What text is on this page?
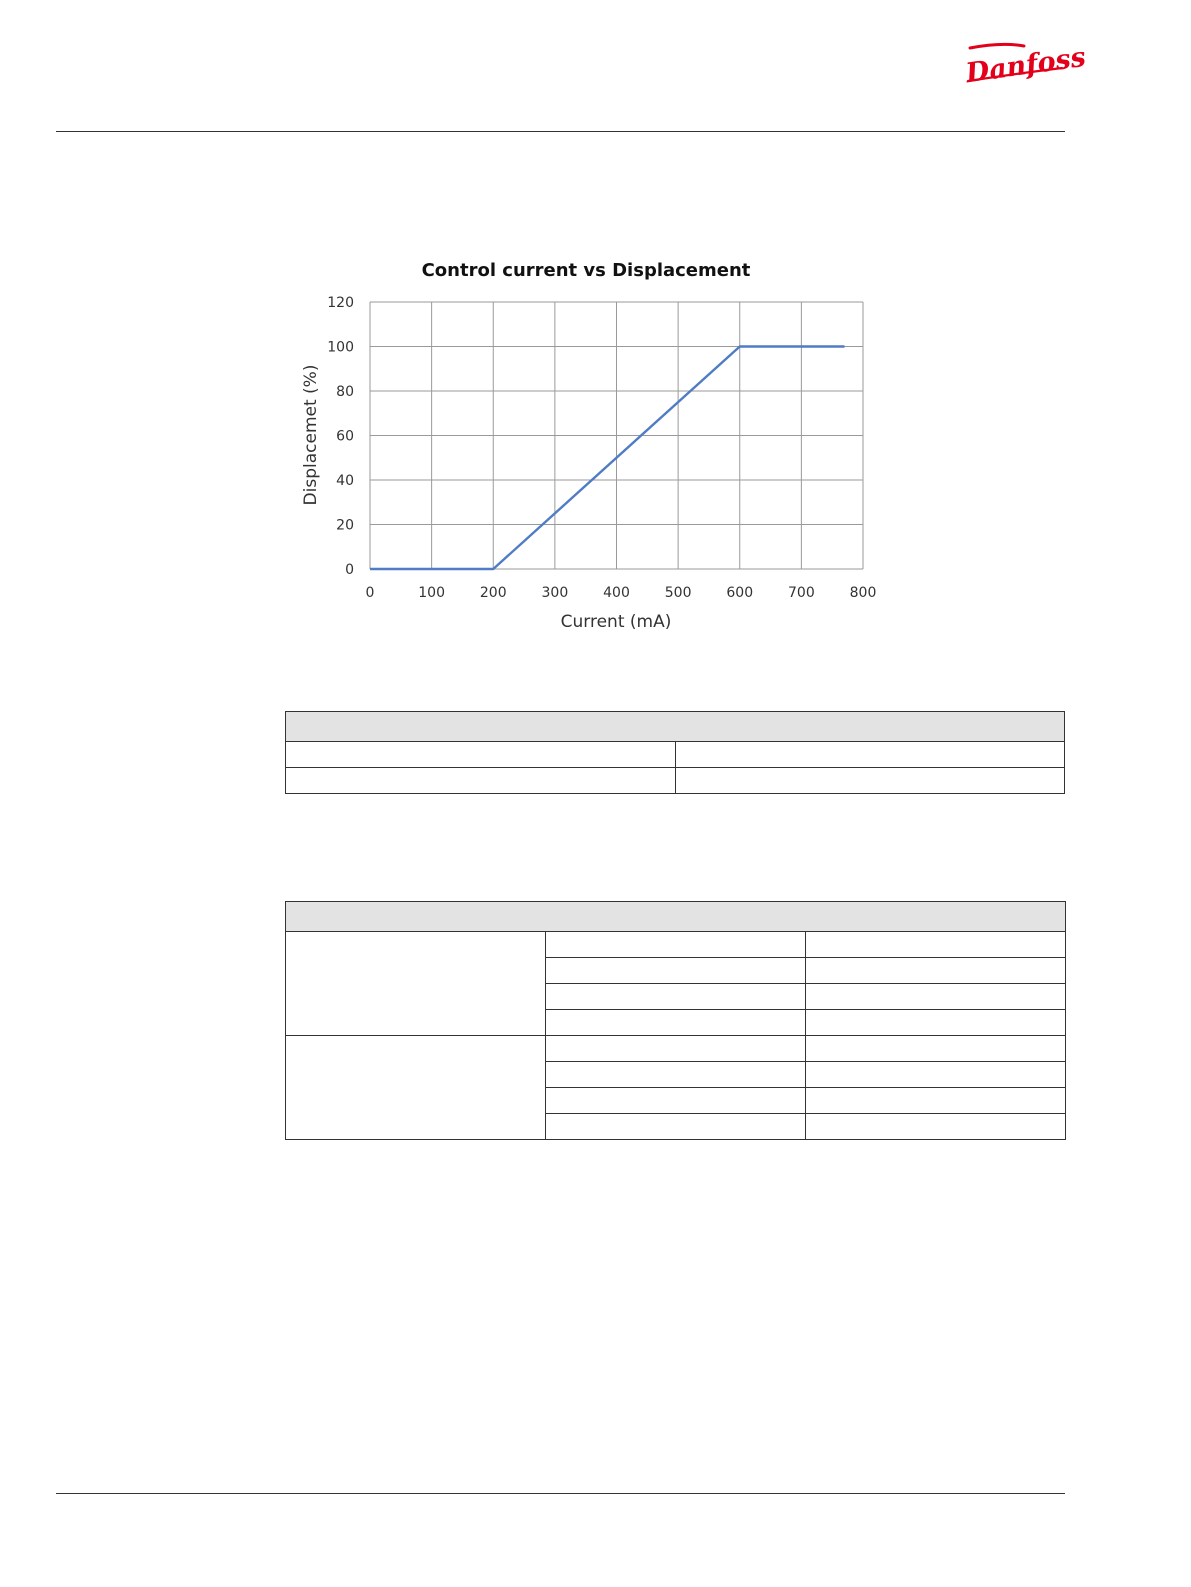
Danfoss
0	100 200 300 400 500 600 700 800
0
20
40
60
80
100
120
Control current vs Displacement
Current (mA)
Displacemet (%)
